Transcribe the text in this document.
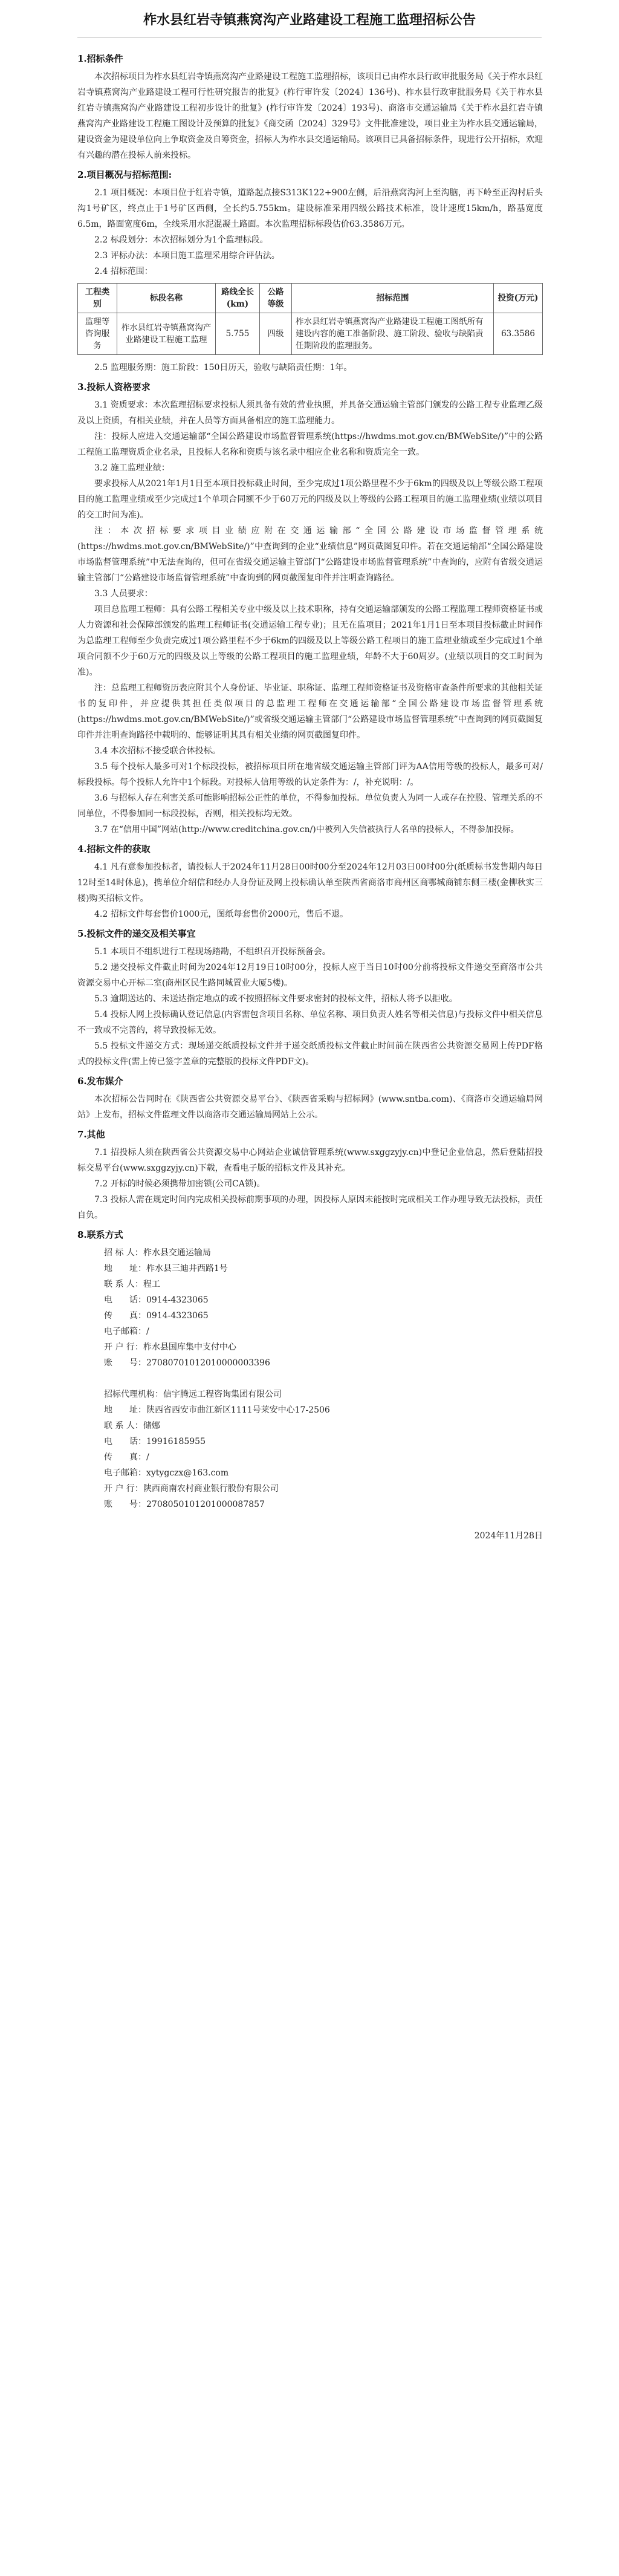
柞水县红岩寺镇燕窝沟产业路建设工程施工监理招标公告
1.招标条件

本次招标项目为柞水县红岩寺镇燕窝沟产业路建设工程施工监理招标，该项目已由柞水县行政审批服务局《关于柞水县红岩寺镇燕窝沟产业路建设工程可行性研究报告的批复》(柞行审许发〔2024〕136号)、柞水县行政审批服务局《关于柞水县红岩寺镇燕窝沟产业路建设工程初步设计的批复》(柞行审许发〔2024〕193号)、商洛市交通运输局《关于柞水县红岩寺镇燕窝沟产业路建设工程施工图设计及预算的批复》《商交函〔2024〕329号》文件批准建设，项目业主为柞水县交通运输局，建设资金为建设单位向上争取资金及自筹资金，招标人为柞水县交通运输局。该项目已具备招标条件，现进行公开招标，欢迎有兴趣的潜在投标人前来投标。

2.项目概况与招标范围:

2.1 项目概况：本项目位于红岩寺镇，道路起点接S313K122+900左侧，后沿燕窝沟河上至沟脑，再下岭至正沟村后头沟1号矿区，终点止于1号矿区西侧，全长约5.755km。建设标准采用四级公路技术标准，设计速度15km/h，路基宽度6.5m，路面宽度6m，全线采用水泥混凝土路面。本次监理招标标段估价63.3586万元。

2.2 标段划分：本次招标划分为1个监理标段。

2.3 评标办法：本项目施工监理采用综合评估法。

2.4 招标范围：

工程类别	标段名称	路线全长(km)	公路等级	招标范围	投资(万元)
监理等咨询服务	柞水县红岩寺镇燕窝沟产业路建设工程施工监理	5.755	四级	柞水县红岩寺镇燕窝沟产业路建设工程施工图纸所有建设内容的施工准备阶段、施工阶段、验收与缺陷责任期阶段的监理服务。	63.3586

2.5 监理服务期：施工阶段：150日历天，验收与缺陷责任期：1年。

3.投标人资格要求

3.1 资质要求：本次监理招标要求投标人须具备有效的营业执照，并具备交通运输主管部门颁发的公路工程专业监理乙级及以上资质，有相关业绩，并在人员等方面具备相应的施工监理能力。

注：投标人应进入交通运输部“全国公路建设市场监督管理系统(https://hwdms.mot.gov.cn/BMWebSite/)”中的公路工程施工监理资质企业名录，且投标人名称和资质与该名录中相应企业名称和资质完全一致。

3.2 施工监理业绩：

要求投标人从2021年1月1日至本项目投标截止时间，至少完成过1项公路里程不少于6km的四级及以上等级公路工程项目的施工监理业绩或至少完成过1个单项合同额不少于60万元的四级及以上等级的公路工程项目的施工监理业绩(业绩以项目的交工时间为准)。

注：本次招标要求项目业绩应附在交通运输部“全国公路建设市场监督管理系统(https://hwdms.mot.gov.cn/BMWebSite/)”中查询到的企业“业绩信息”网页截图复印件。若在交通运输部“全国公路建设市场监督管理系统”中无法查询的，但可在省级交通运输主管部门“公路建设市场监督管理系统”中查询的，应附有省级交通运输主管部门“公路建设市场监督管理系统”中查询到的网页截图复印件并注明查询路径。

3.3 人员要求：

项目总监理工程师：具有公路工程相关专业中级及以上技术职称，持有交通运输部颁发的公路工程监理工程师资格证书或人力资源和社会保障部颁发的监理工程师证书(交通运输工程专业)；且无在监项目；2021年1月1日至本项目投标截止时间作为总监理工程师至少负责完成过1项公路里程不少于6km的四级及以上等级公路工程项目的施工监理业绩或至少完成过1个单项合同额不少于60万元的四级及以上等级的公路工程项目的施工监理业绩，年龄不大于60周岁。(业绩以项目的交工时间为准)。

注：总监理工程师资历表应附其个人身份证、毕业证、职称证、监理工程师资格证书及资格审查条件所要求的其他相关证书的复印件，并应提供其担任类似项目的总监理工程师在交通运输部“全国公路建设市场监督管理系统(https://hwdms.mot.gov.cn/BMWebSite/)”或省级交通运输主管部门“公路建设市场监督管理系统”中查询到的网页截图复印件并注明查询路径中载明的、能够证明其具有相关业绩的网页截图复印件。

3.4 本次招标不接受联合体投标。

3.5 每个投标人最多可对1个标段投标，被招标项目所在地省级交通运输主管部门评为AA信用等级的投标人，最多可对/标段投标。每个投标人允许中1个标段。对投标人信用等级的认定条件为：/，补充说明：/。

3.6 与招标人存在利害关系可能影响招标公正性的单位，不得参加投标。单位负责人为同一人或存在控股、管理关系的不同单位，不得参加同一标段投标，否则，相关投标均无效。

3.7 在“信用中国”网站(http://www.creditchina.gov.cn/)中被列入失信被执行人名单的投标人，不得参加投标。

4.招标文件的获取

4.1 凡有意参加投标者，请投标人于2024年11月28日00时00分至2024年12月03日00时00分(纸质标书发售期内每日12时至14时休息)，携单位介绍信和经办人身份证及网上投标确认单至陕西省商洛市商州区商鄂城商铺东侧三楼(金柳秋实三楼)购买招标文件。

4.2 招标文件每套售价1000元，图纸每套售价2000元，售后不退。

5.投标文件的递交及相关事宜

5.1 本项目不组织进行工程现场踏勘，不组织召开投标预备会。

5.2 递交投标文件截止时间为2024年12月19日10时00分，投标人应于当日10时00分前将投标文件递交至商洛市公共资源交易中心开标二室(商州区民生路同城置业大厦5楼)。

5.3 逾期送达的、未送达指定地点的或不按照招标文件要求密封的投标文件，招标人将予以拒收。

5.4 投标人网上投标确认登记信息(内容需包含项目名称、单位名称、项目负责人姓名等相关信息)与投标文件中相关信息不一致或不完善的，将导致投标无效。

5.5 投标文件递交方式：现场递交纸质投标文件并于递交纸质投标文件截止时间前在陕西省公共资源交易网上传PDF格式的投标文件(需上传已签字盖章的完整版的投标文件PDF文)。

6.发布媒介

本次招标公告同时在《陕西省公共资源交易平台》、《陕西省采购与招标网》(www.sntba.com)、《商洛市交通运输局网站》上发布，招标文件监理文件以商洛市交通运输局网站上公示。

7.其他

7.1 招投标人须在陕西省公共资源交易中心网站企业诚信管理系统(www.sxggzyjy.cn)中登记企业信息，然后登陆招投标交易平台(www.sxggzyjy.cn)下载，查看电子版的招标文件及其补充。

7.2 开标的时候必须携带加密锁(公司CA锁)。

7.3 投标人需在规定时间内完成相关投标前期事项的办理，因投标人原因未能按时完成相关工作办理导致无法投标，责任自负。

8.联系方式

招 标 人：柞水县交通运输局

地　　址：柞水县三迪井西路1号

联 系 人：程工

电　　话：0914-4323065

传　　真：0914-4323065

电子邮箱：/

开 户 行：柞水县国库集中支付中心

账　　号：27080701012010000003396

招标代理机构：信宇腾远工程咨询集团有限公司

地　　址：陕西省西安市曲江新区1111号莱安中心17-2506

联 系 人：储娜

电　　话：19916185955

传　　真：/

电子邮箱：xytygczx@163.com

开 户 行：陕西商南农村商业银行股份有限公司

账　　号：2708050101201000087857

2024年11月28日
